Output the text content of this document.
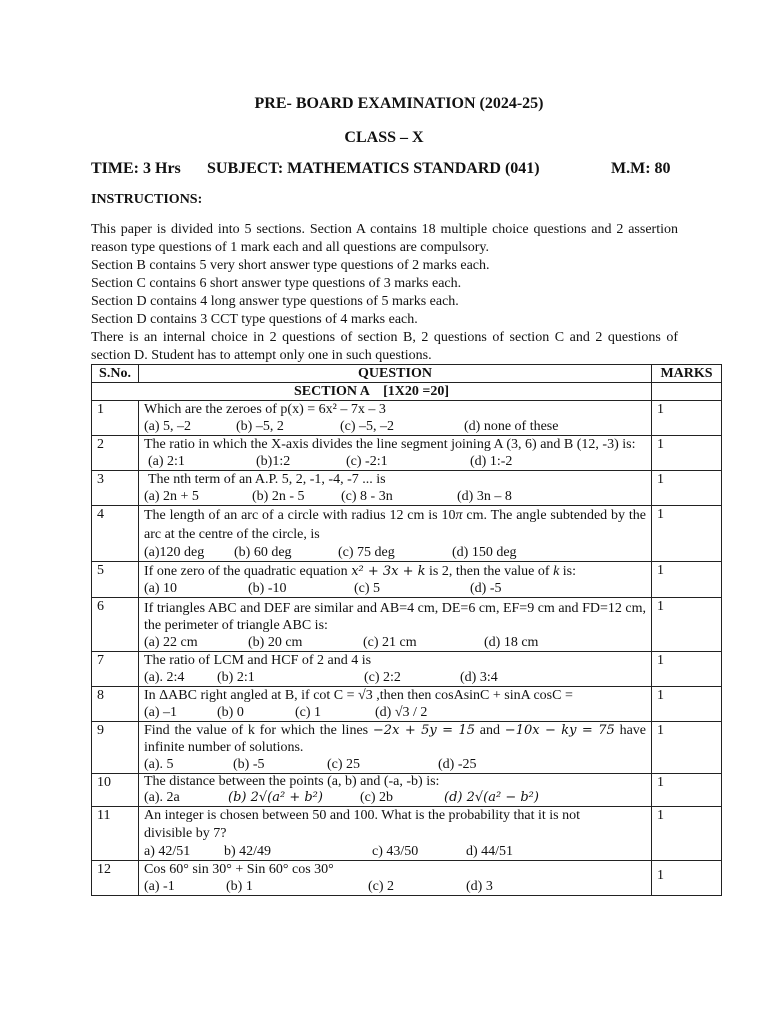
PRE- BOARD EXAMINATION (2024-25)
CLASS – X
TIME: 3 Hrs SUBJECT: MATHEMATICS STANDARD (041)	M.M: 80
INSTRUCTIONS:

This paper is divided into 5 sections. Section A contains 18 multiple choice questions and 2 assertion reason type questions of 1 mark each and all questions are compulsory.

Section B contains 5 very short answer type questions of 2 marks each.

Section C contains 6 short answer type questions of 3 marks each.

Section D contains 4 long answer type questions of 5 marks each.

Section D contains 3 CCT type questions of 4 marks each.

There is an internal choice in 2 questions of section B, 2 questions of section C and 2 questions of section D. Student has to attempt only one in such questions.

S.No.	QUESTION	MARKS
SECTION A    [1X20 =20]		
1	Which are the zeroes of p(x) = 6x² – 7x – 3

(a) 5, –2 (b) –5, 2 (c) –5, –2 (d) none of these	1
2	The ratio in which the X-axis divides the line segment joining A (3, 6) and B (12, -3) is:

(a) 2:1 (b)1:2 (c) -2:1 (d) 1:-2	1
3	The nth term of an A.P. 5, 2, -1, -4, -7 ... is

(a) 2n + 5 (b) 2n - 5 (c) 8 - 3n (d) 3n – 8	1
4	The length of an arc of a circle with radius 12 cm is 10π cm. The angle subtended by the arc at the centre of the circle, is

(a)120 deg (b) 60 deg (c) 75 deg (d) 150 deg	1
5	If one zero of the quadratic equation x² + 3x + k is 2, then the value of k is:

(a) 10 (b) -10 (c) 5 (d) -5	1
6	If triangles ABC and DEF are similar and AB=4 cm, DE=6 cm, EF=9 cm and FD=12 cm, the perimeter of triangle ABC is:

(a) 22 cm (b) 20 cm (c) 21 cm (d) 18 cm	1
7	The ratio of LCM and HCF of 2 and 4 is

(a). 2:4 (b) 2:1 (c) 2:2 (d) 3:4	1
8	In ΔABC right angled at B, if cot C = √3 ,then then cosAsinC + sinA cosC =

(a) –1 (b) 0 (c) 1 (d) √3 / 2	1
9	Find the value of k for which the lines −2x + 5y = 15 and −10x − ky = 75 have infinite number of solutions.

(a). 5 (b) -5 (c) 25 (d) -25	1
10	The distance between the points (a, b) and (-a, -b) is:

(a). 2a (b) 2√(a² + b²) (c) 2b (d) 2√(a² − b²)	1
11	An integer is chosen between 50 and 100. What is the probability that it is not divisible by 7?

a) 42/51 b) 42/49 c) 43/50 d) 44/51	1
12	Cos 60° sin 30° + Sin 60° cos 30°

(a) -1 (b) 1 (c) 2 (d) 3	1
